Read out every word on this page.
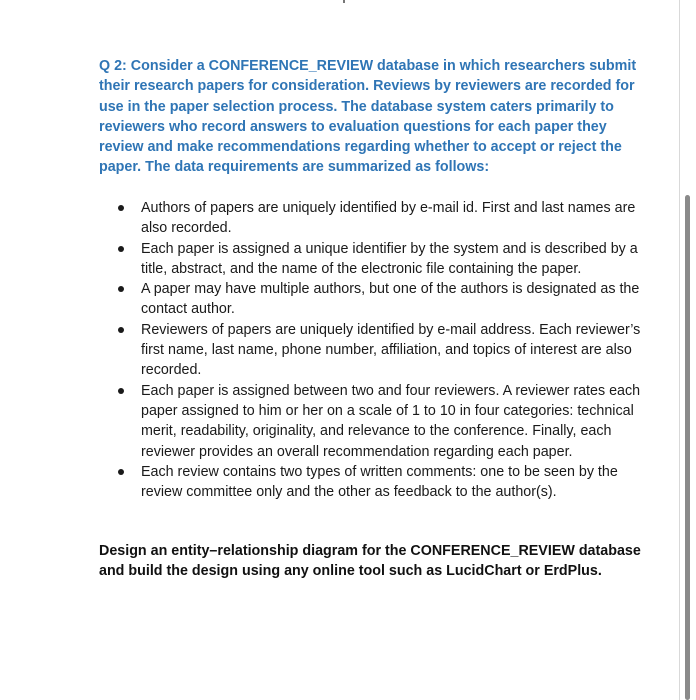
Q 2: Consider a CONFERENCE_REVIEW database in which researchers submit their research papers for consideration. Reviews by reviewers are recorded for use in the paper selection process. The database system caters primarily to reviewers who record answers to evaluation questions for each paper they review and make recommendations regarding whether to accept or reject the paper. The data requirements are summarized as follows:

Authors of papers are uniquely identified by e-mail id. First and last names are also recorded.
Each paper is assigned a unique identifier by the system and is described by a title, abstract, and the name of the electronic file containing the paper.
A paper may have multiple authors, but one of the authors is designated as the contact author.
Reviewers of papers are uniquely identified by e-mail address. Each reviewer’s first name, last name, phone number, affiliation, and topics of interest are also recorded.
Each paper is assigned between two and four reviewers. A reviewer rates each paper assigned to him or her on a scale of 1 to 10 in four categories: technical merit, readability, originality, and relevance to the conference. Finally, each reviewer provides an overall recommendation regarding each paper.
Each review contains two types of written comments: one to be seen by the review committee only and the other as feedback to the author(s).

Design an entity–relationship diagram for the CONFERENCE_REVIEW database and build the design using any online tool such as LucidChart or ErdPlus.
